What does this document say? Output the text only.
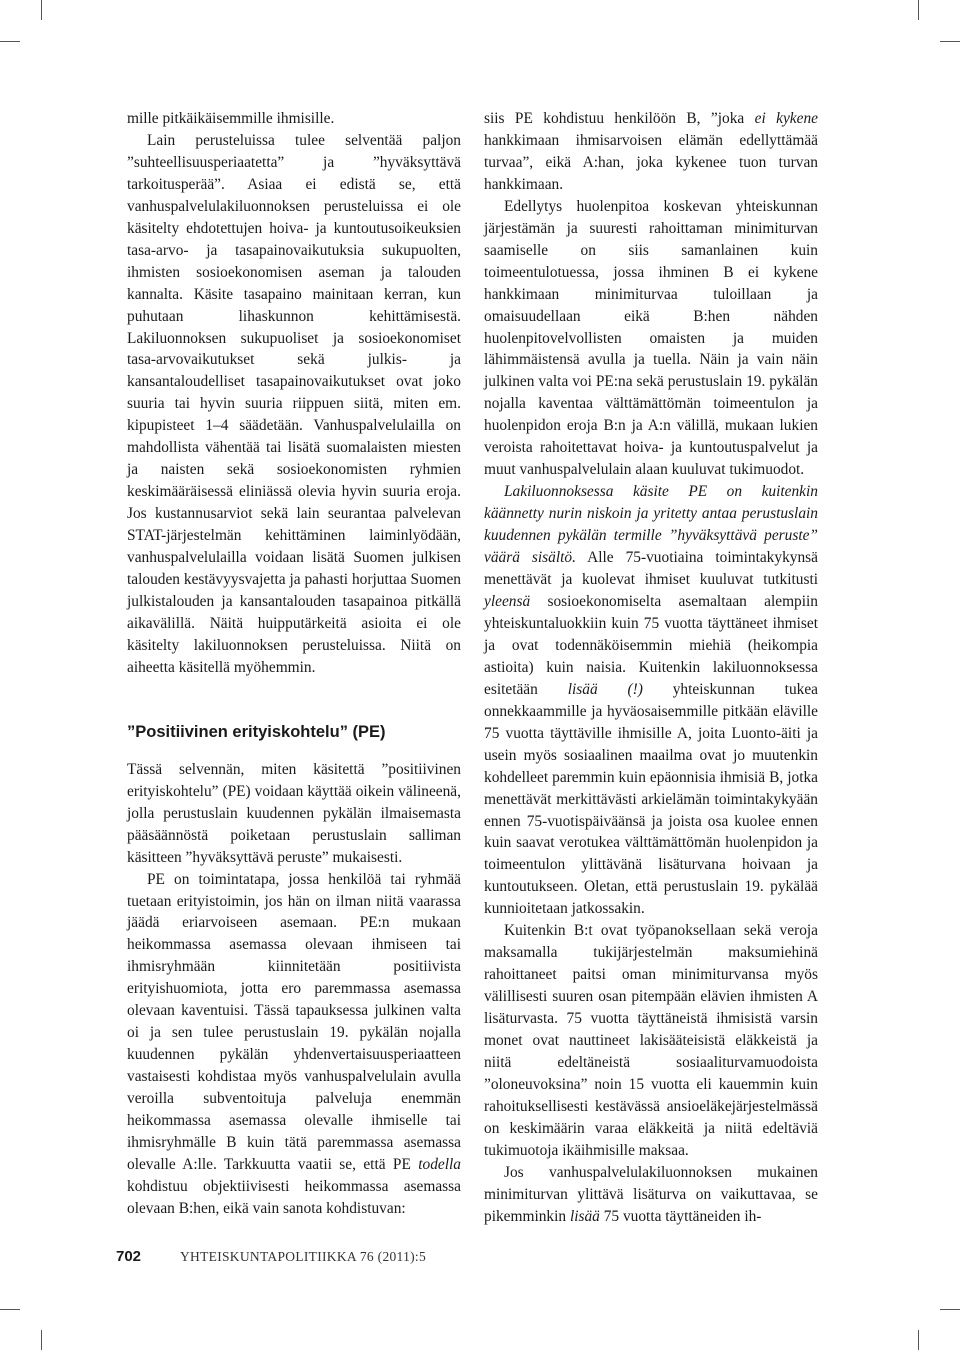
mille pitkäikäisemmille ihmisille.

Lain perusteluissa tulee selventää paljon ”suhteellisuusperiaatetta” ja ”hyväksyttävä tarkoitusperää”. Asiaa ei edistä se, että vanhuspalvelulakiluonnoksen perusteluissa ei ole käsitelty ehdotettujen hoiva- ja kuntoutusoikeuksien tasa-arvo- ja tasapainovaikutuksia sukupuolten, ihmisten sosioekonomisen aseman ja talouden kannalta. Käsite tasapaino mainitaan kerran, kun puhutaan lihaskunnon kehittämisestä. Lakiluonnoksen sukupuoliset ja sosioekonomiset tasa-arvovaikutukset sekä julkis- ja kansantaloudelliset tasapainovaikutukset ovat joko suuria tai hyvin suuria riippuen siitä, miten em. kipupisteet 1–4 säädetään. Vanhuspalvelulailla on mahdollista vähentää tai lisätä suomalaisten miesten ja naisten sekä sosioekonomisten ryhmien keskimääräisessä eliniässä olevia hyvin suuria eroja. Jos kustannusarviot sekä lain seurantaa palvelevan STAT-järjestelmän kehittäminen laiminlyödään, vanhuspalvelulailla voidaan lisätä Suomen julkisen talouden kestävyysvajetta ja pahasti horjuttaa Suomen julkistalouden ja kansantalouden tasapainoa pitkällä aikavälillä. Näitä huipputärkeitä asioita ei ole käsitelty lakiluonnoksen perusteluissa. Niitä on aiheetta käsitellä myöhemmin.

”Positiivinen erityiskohtelu” (PE)

Tässä selvennän, miten käsitettä ”positiivinen erityiskohtelu” (PE) voidaan käyttää oikein välineenä, jolla perustuslain kuudennen pykälän ilmaisemasta pääsäännöstä poiketaan perustuslain salliman käsitteen ”hyväksyttävä peruste” mukaisesti.

PE on toimintatapa, jossa henkilöä tai ryhmää tuetaan erityistoimin, jos hän on ilman niitä vaarassa jäädä eriarvoiseen asemaan. PE:n mukaan heikommassa asemassa olevaan ihmiseen tai ihmisryhmään kiinnitetään positiivista erityishuomiota, jotta ero paremmassa asemassa olevaan kaventuisi. Tässä tapauksessa julkinen valta oi ja sen tulee perustuslain 19. pykälän nojalla kuudennen pykälän yhdenvertaisuusperiaatteen vastaisesti kohdistaa myös vanhuspalvelulain avulla veroilla subventoituja palveluja enemmän heikommassa asemassa olevalle ihmiselle tai ihmisryhmälle B kuin tätä paremmassa asemassa olevalle A:lle. Tarkkuutta vaatii se, että PE todella kohdistuu objektiivisesti heikommassa asemassa olevaan B:hen, eikä vain sanota kohdistuvan:

siis PE kohdistuu henkilöön B, ”joka ei kykene hankkimaan ihmisarvoisen elämän edellyttämää turvaa”, eikä A:han, joka kykenee tuon turvan hankkimaan.

Edellytys huolenpitoa koskevan yhteiskunnan järjestämän ja suuresti rahoittaman minimiturvan saamiselle on siis samanlainen kuin toimeentulotuessa, jossa ihminen B ei kykene hankkimaan minimiturvaa tuloillaan ja omaisuudellaan eikä B:hen nähden huolenpitovelvollisten omaisten ja muiden lähimmäistensä avulla ja tuella. Näin ja vain näin julkinen valta voi PE:na sekä perustuslain 19. pykälän nojalla kaventaa välttämättömän toimeentulon ja huolenpidon eroja B:n ja A:n välillä, mukaan lukien veroista rahoitettavat hoiva- ja kuntoutuspalvelut ja muut vanhuspalvelulain alaan kuuluvat tukimuodot.

Lakiluonnoksessa käsite PE on kuitenkin käännetty nurin niskoin ja yritetty antaa perustuslain kuudennen pykälän termille ”hyväksyttävä peruste” väärä sisältö. Alle 75-vuotiaina toimintakykynsä menettävät ja kuolevat ihmiset kuuluvat tutkitusti yleensä sosioekonomiselta asemaltaan alempiin yhteiskuntaluokkiin kuin 75 vuotta täyttäneet ihmiset ja ovat todennäköisemmin miehiä (heikompia astioita) kuin naisia. Kuitenkin lakiluonnoksessa esitetään lisää (!) yhteiskunnan tukea onnekkaammille ja hyväosaisemmille pitkään eläville 75 vuotta täyttäville ihmisille A, joita Luonto-äiti ja usein myös sosiaalinen maailma ovat jo muutenkin kohdelleet paremmin kuin epäonnisia ihmisiä B, jotka menettävät merkittävästi arkielämän toimintakykyään ennen 75-vuotispäiväänsä ja joista osa kuolee ennen kuin saavat verotukea välttämättömän huolenpidon ja toimeentulon ylittävänä lisäturvana hoivaan ja kuntoutukseen. Oletan, että perustuslain 19. pykälää kunnioitetaan jatkossakin.

Kuitenkin B:t ovat työpanoksellaan sekä veroja maksamalla tukijärjestelmän maksumiehinä rahoittaneet paitsi oman minimiturvansa myös välillisesti suuren osan pitempään elävien ihmisten A lisäturvasta. 75 vuotta täyttäneistä ihmisistä varsin monet ovat nauttineet lakisääteisistä eläkkeistä ja niitä edeltäneistä sosiaaliturvamuodoista ”oloneuvoksina” noin 15 vuotta eli kauemmin kuin rahoituksellisesti kestävässä ansioeläkejärjestelmässä on keskimäärin varaa eläkkeitä ja niitä edeltäviä tukimuotoja ikäihmisille maksaa.

Jos vanhuspalvelulakiluonnoksen mukainen minimiturvan ylittävä lisäturva on vaikuttavaa, se pikemminkin lisää 75 vuotta täyttäneiden ih-

702	YHTEISKUNTAPOLITIIKKA 76 (2011):5
